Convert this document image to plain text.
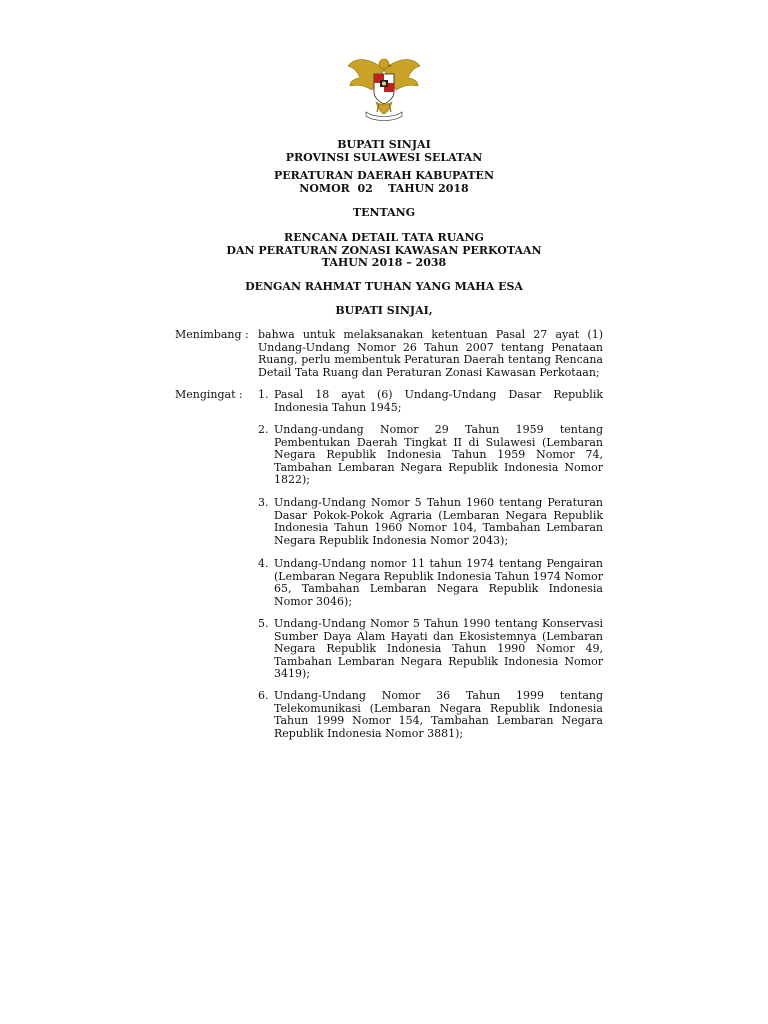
BUPATI SINJAI
PROVINSI SULAWESI SELATAN
PERATURAN DAERAH KABUPATEN
NOMOR  02    TAHUN 2018
TENTANG
RENCANA DETAIL TATA RUANG
DAN PERATURAN ZONASI KAWASAN PERKOTAAN
TAHUN 2018 – 2038
DENGAN RAHMAT TUHAN YANG MAHA ESA
BUPATI SINJAI,
Menimbang : bahwa untuk melaksanakan ketentuan Pasal 27 ayat (1) Undang-Undang Nomor 26 Tahun 2007 tentang Penataan Ruang, perlu membentuk Peraturan Daerah tentang Rencana Detail Tata Ruang dan Peraturan Zonasi Kawasan Perkotaan;
Mengingat : 1. Pasal 18 ayat (6) Undang-Undang Dasar Republik Indonesia Tahun 1945;
2. Undang-undang Nomor 29 Tahun 1959 tentang Pembentukan Daerah Tingkat II di Sulawesi (Lembaran Negara Republik Indonesia Tahun 1959 Nomor 74, Tambahan Lembaran Negara Republik Indonesia Nomor 1822);
3. Undang-Undang Nomor 5 Tahun 1960 tentang Peraturan Dasar Pokok-Pokok Agraria (Lembaran Negara Republik Indonesia Tahun 1960 Nomor 104, Tambahan Lembaran Negara Republik Indonesia Nomor 2043);
4. Undang-Undang nomor 11 tahun 1974 tentang Pengairan (Lembaran Negara Republik Indonesia Tahun 1974 Nomor 65, Tambahan Lembaran Negara Republik Indonesia Nomor 3046);
5. Undang-Undang Nomor 5 Tahun 1990 tentang Konservasi Sumber Daya Alam Hayati dan Ekosistemnya (Lembaran Negara Republik Indonesia Tahun 1990 Nomor 49, Tambahan Lembaran Negara Republik Indonesia Nomor 3419);
6. Undang-Undang Nomor 36 Tahun 1999 tentang Telekomunikasi (Lembaran Negara Republik Indonesia Tahun 1999 Nomor 154, Tambahan Lembaran Negara Republik Indonesia Nomor 3881);
